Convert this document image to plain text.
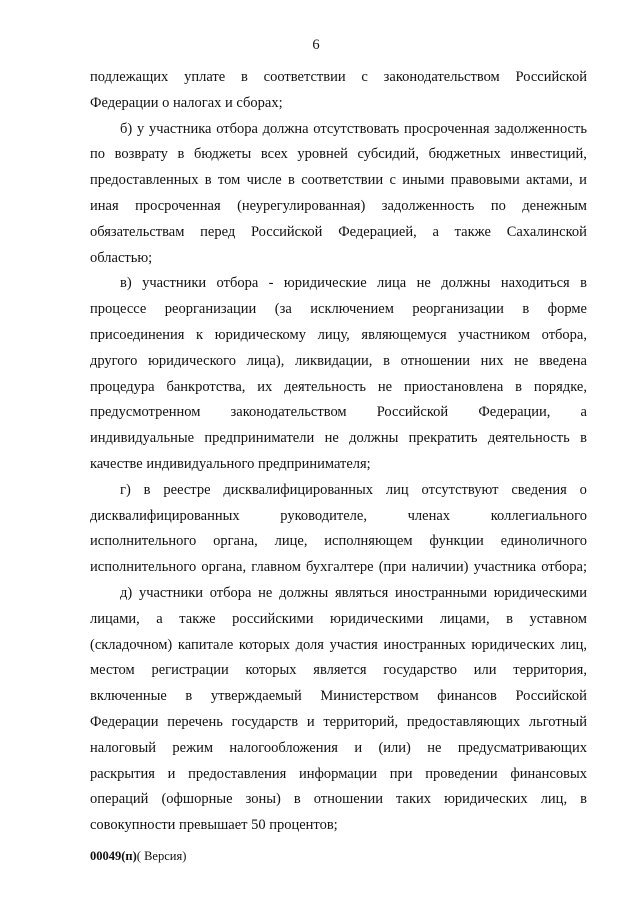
6

подлежащих уплате в соответствии с законодательством Российской
Федерации о налогах и сборах;

б) у участника отбора должна отсутствовать просроченная задолженность
по возврату в бюджеты всех уровней субсидий, бюджетных инвестиций,
предоставленных в том числе в соответствии с иными правовыми актами, и
иная просроченная (неурегулированная) задолженность по денежным
обязательствам перед Российской Федерацией, а также Сахалинской
областью;

в) участники отбора - юридические лица не должны находиться в
процессе реорганизации (за исключением реорганизации в форме
присоединения к юридическому лицу, являющемуся участником отбора,
другого юридического лица), ликвидации, в отношении них не введена
процедура банкротства, их деятельность не приостановлена в порядке,
предусмотренном законодательством Российской Федерации, а
индивидуальные предприниматели не должны прекратить деятельность в
качестве индивидуального предпринимателя;

г) в реестре дисквалифицированных лиц отсутствуют сведения о
дисквалифицированных	руководителе,	членах	коллегиального
исполнительного органа, лице, исполняющем функции единоличного
исполнительного органа, главном бухгалтере (при наличии) участника отбора;

д) участники отбора не должны являться иностранными юридическими
лицами, а также российскими юридическими лицами, в уставном
(складочном) капитале которых доля участия иностранных юридических лиц,
местом регистрации которых является государство или территория,
включенные в утверждаемый Министерством финансов Российской
Федерации перечень государств и территорий, предоставляющих льготный
налоговый режим налогообложения и (или) не предусматривающих
раскрытия и предоставления информации при проведении финансовых
операций (офшорные зоны) в отношении таких юридических лиц, в
совокупности превышает 50 процентов;

00049(п)( Версия)
